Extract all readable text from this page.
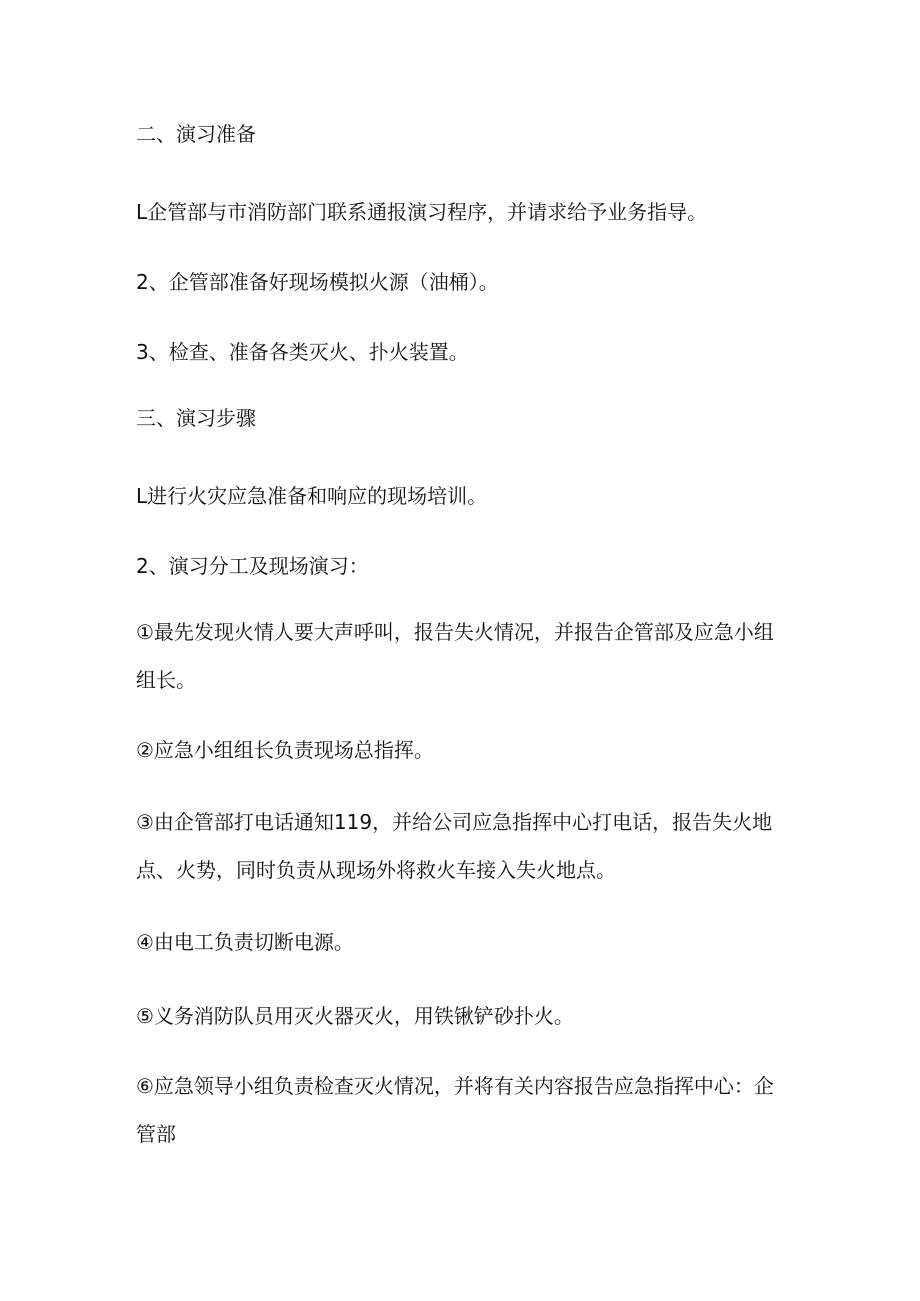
二、演习准备

L企管部与市消防部门联系通报演习程序，并请求给予业务指导。

2、企管部准备好现场模拟火源（油桶）。

3、检查、准备各类灭火、扑火装置。

三、演习步骤

L进行火灾应急准备和响应的现场培训。

2、演习分工及现场演习：

①最先发现火情人要大声呼叫，报告失火情况，并报告企管部及应急小组

组长。

②应急小组组长负责现场总指挥。

③由企管部打电话通知119，并给公司应急指挥中心打电话，报告失火地

点、火势，同时负责从现场外将救火车接入失火地点。

④由电工负责切断电源。

⑤义务消防队员用灭火器灭火，用铁锹铲砂扑火。

⑥应急领导小组负责检查灭火情况，并将有关内容报告应急指挥中心：企

管部
